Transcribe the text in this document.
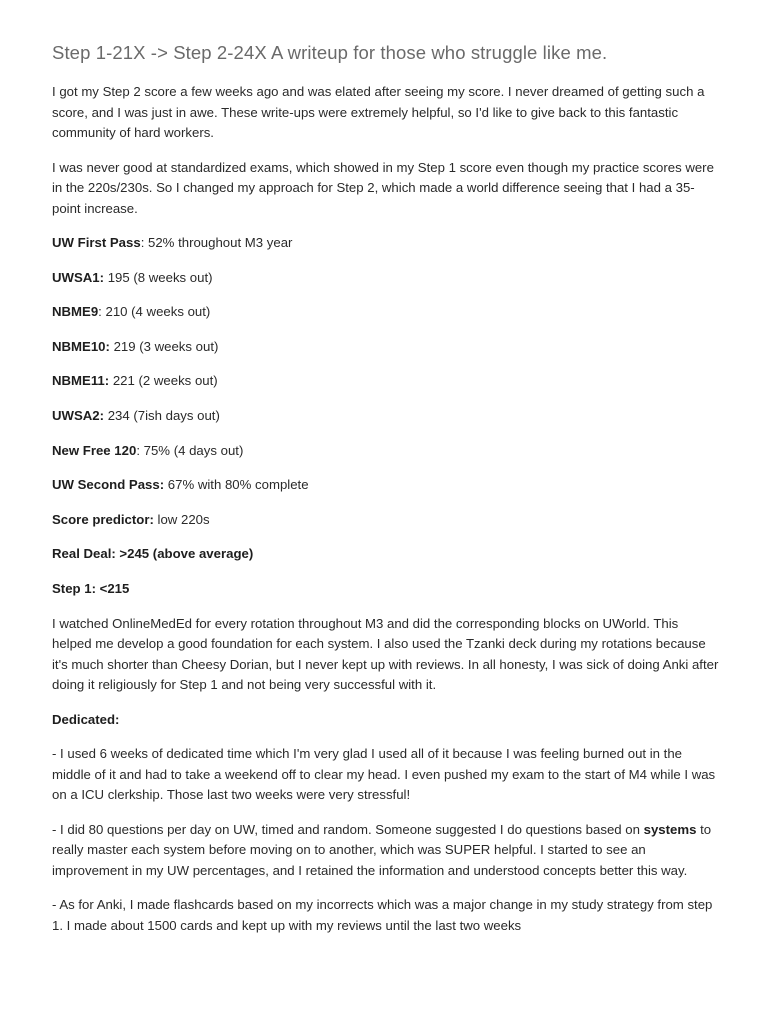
Step 1-21X -> Step 2-24X A writeup for those who struggle like me.

I got my Step 2 score a few weeks ago and was elated after seeing my score. I never dreamed of getting such a score, and I was just in awe. These write-ups were extremely helpful, so I'd like to give back to this fantastic community of hard workers.

I was never good at standardized exams, which showed in my Step 1 score even though my practice scores were in the 220s/230s. So I changed my approach for Step 2, which made a world difference seeing that I had a 35-point increase.

UW First Pass: 52% throughout M3 year

UWSA1: 195 (8 weeks out)

NBME9: 210 (4 weeks out)

NBME10: 219 (3 weeks out)

NBME11: 221 (2 weeks out)

UWSA2: 234 (7ish days out)

New Free 120: 75% (4 days out)

UW Second Pass: 67% with 80% complete

Score predictor: low 220s

Real Deal: >245 (above average)

Step 1: <215

I watched OnlineMedEd for every rotation throughout M3 and did the corresponding blocks on UWorld. This helped me develop a good foundation for each system. I also used the Tzanki deck during my rotations because it's much shorter than Cheesy Dorian, but I never kept up with reviews. In all honesty, I was sick of doing Anki after doing it religiously for Step 1 and not being very successful with it.

Dedicated:

- I used 6 weeks of dedicated time which I'm very glad I used all of it because I was feeling burned out in the middle of it and had to take a weekend off to clear my head. I even pushed my exam to the start of M4 while I was on a ICU clerkship. Those last two weeks were very stressful!

- I did 80 questions per day on UW, timed and random. Someone suggested I do questions based on systems to really master each system before moving on to another, which was SUPER helpful. I started to see an improvement in my UW percentages, and I retained the information and understood concepts better this way.

- As for Anki, I made flashcards based on my incorrects which was a major change in my study strategy from step 1. I made about 1500 cards and kept up with my reviews until the last two weeks
